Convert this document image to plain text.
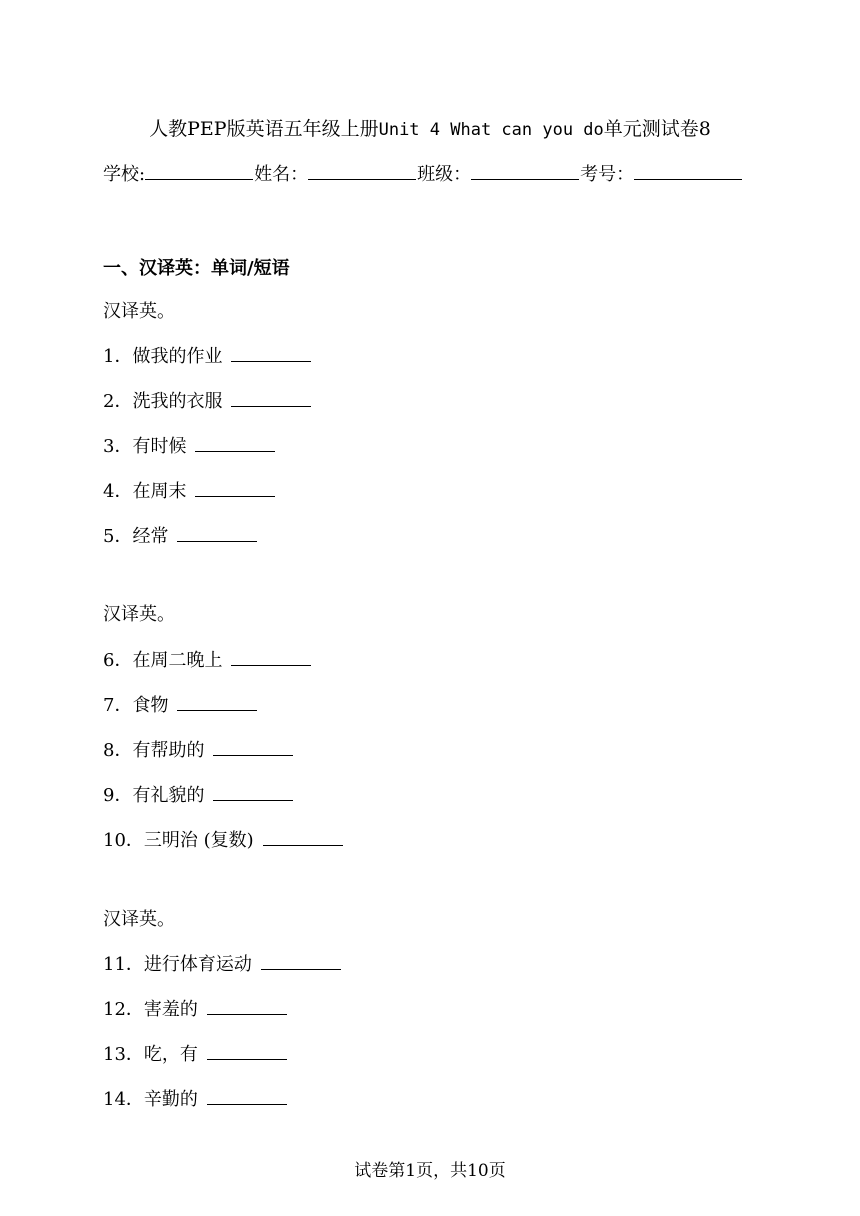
人教PEP版英语五年级上册Unit 4 What can you do单元测试卷8
学校:	姓名：	班级：	考号：
一、汉译英：单词/短语
汉译英。
1．做我的作业
2．洗我的衣服
3．有时候
4．在周末
5．经常
汉译英。
6．在周二晚上
7．食物
8．有帮助的
9．有礼貌的
10．三明治 (复数)
汉译英。
11．进行体育运动
12．害羞的
13．吃，有
14．辛勤的
试卷第1页，共10页
